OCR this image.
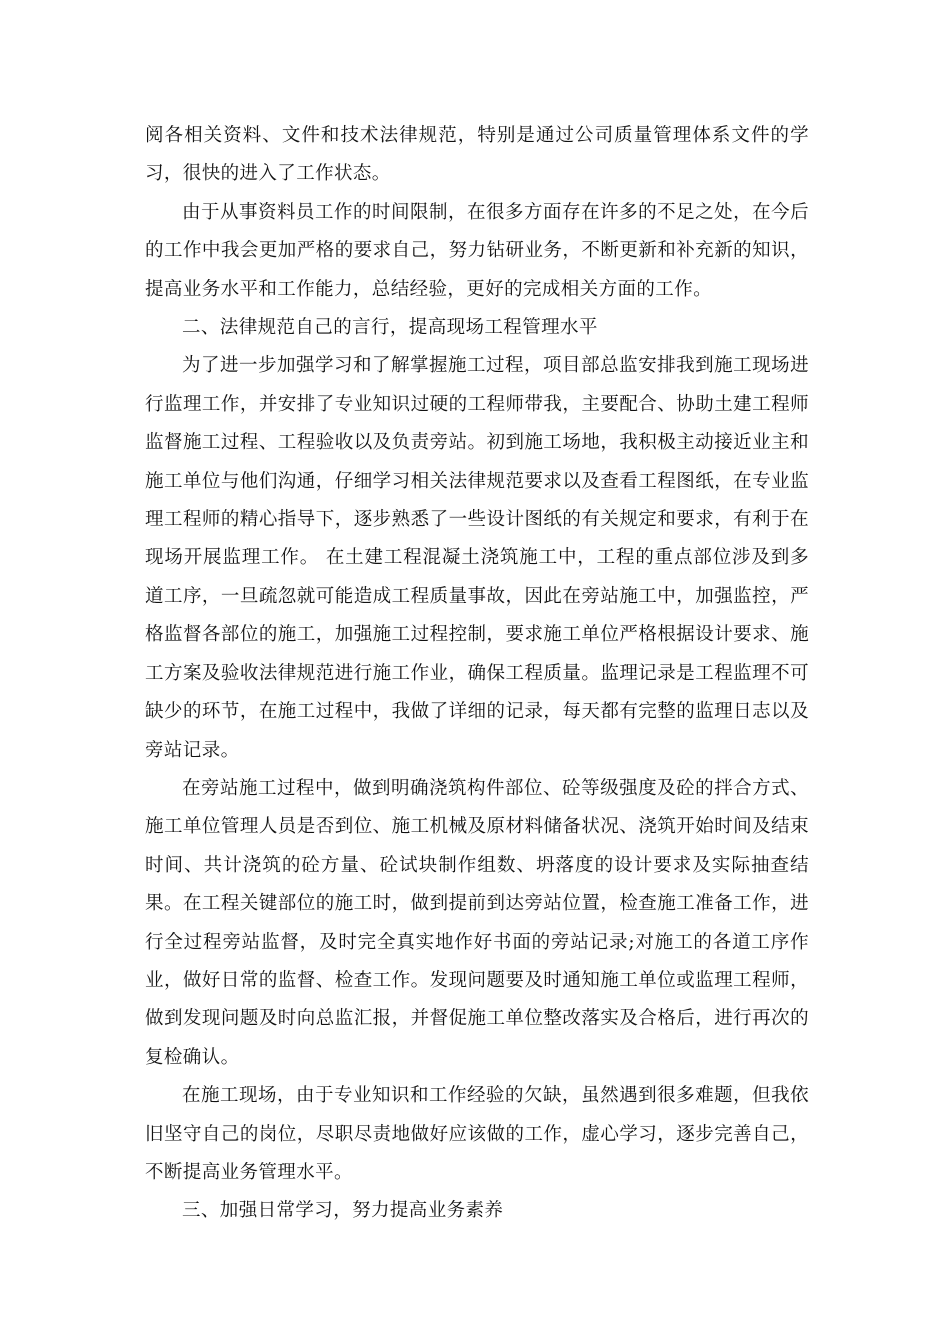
阅各相关资料、文件和技术法律规范，特别是通过公司质量管理体系文件的学习，很快的进入了工作状态。

由于从事资料员工作的时间限制，在很多方面存在许多的不足之处，在今后的工作中我会更加严格的要求自己，努力钻研业务，不断更新和补充新的知识，提高业务水平和工作能力，总结经验，更好的完成相关方面的工作。

二、法律规范自己的言行，提高现场工程管理水平

为了进一步加强学习和了解掌握施工过程，项目部总监安排我到施工现场进行监理工作，并安排了专业知识过硬的工程师带我，主要配合、协助土建工程师监督施工过程、工程验收以及负责旁站。初到施工场地，我积极主动接近业主和施工单位与他们沟通，仔细学习相关法律规范要求以及查看工程图纸，在专业监理工程师的精心指导下，逐步熟悉了一些设计图纸的有关规定和要求，有利于在现场开展监理工作。 在土建工程混凝土浇筑施工中，工程的重点部位涉及到多道工序，一旦疏忽就可能造成工程质量事故，因此在旁站施工中，加强监控，严格监督各部位的施工，加强施工过程控制，要求施工单位严格根据设计要求、施工方案及验收法律规范进行施工作业，确保工程质量。监理记录是工程监理不可缺少的环节，在施工过程中，我做了详细的记录，每天都有完整的监理日志以及旁站记录。

在旁站施工过程中，做到明确浇筑构件部位、砼等级强度及砼的拌合方式、施工单位管理人员是否到位、施工机械及原材料储备状况、浇筑开始时间及结束时间、共计浇筑的砼方量、砼试块制作组数、坍落度的设计要求及实际抽查结果。在工程关键部位的施工时，做到提前到达旁站位置，检查施工准备工作，进行全过程旁站监督，及时完全真实地作好书面的旁站记录;对施工的各道工序作业，做好日常的监督、检查工作。发现问题要及时通知施工单位或监理工程师，做到发现问题及时向总监汇报，并督促施工单位整改落实及合格后，进行再次的复检确认。

在施工现场，由于专业知识和工作经验的欠缺，虽然遇到很多难题，但我依旧坚守自己的岗位，尽职尽责地做好应该做的工作，虚心学习，逐步完善自己，不断提高业务管理水平。

三、加强日常学习，努力提高业务素养
